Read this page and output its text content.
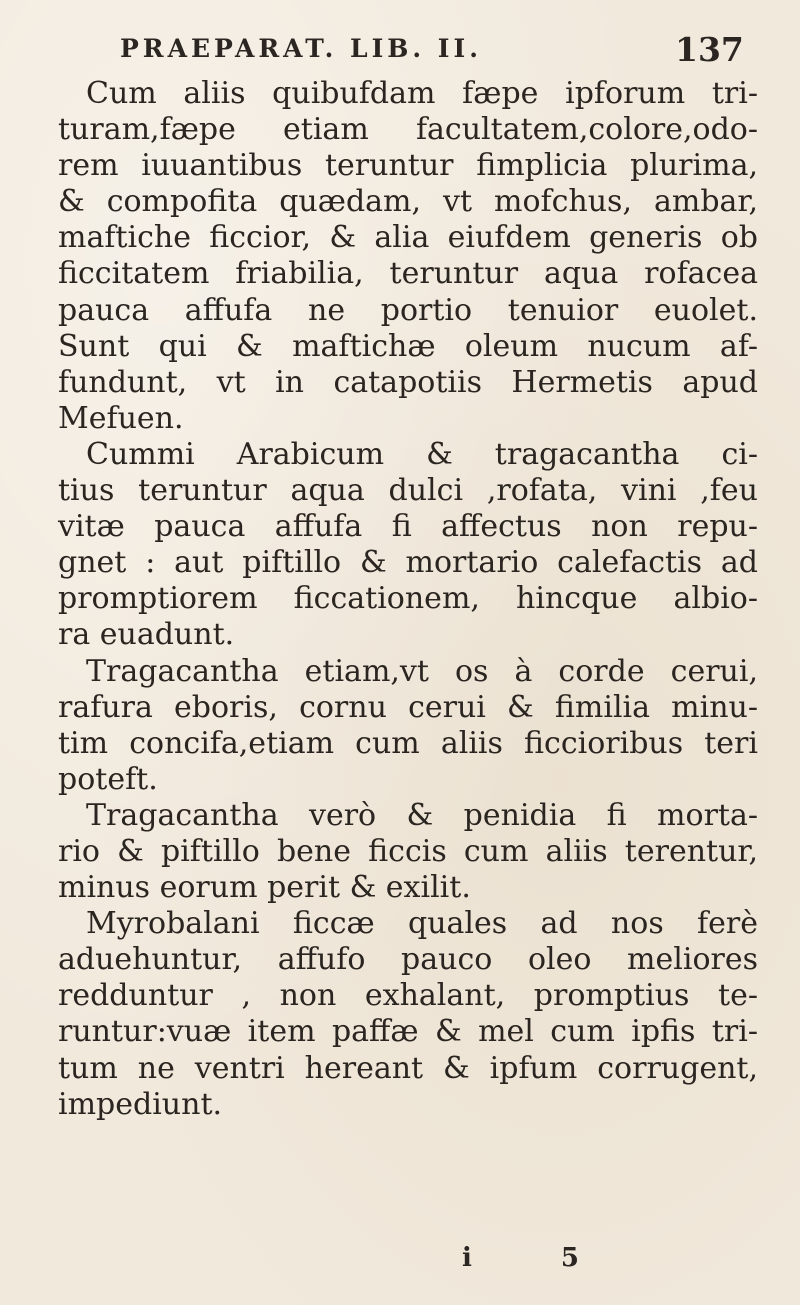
PRAEPARAT. LIB. II.	137
Cum aliis quibufdam fæpe ipforum tri-
turam,fæpe etiam facultatem,colore,odo-
rem iuuantibus teruntur fimplicia plurima,
& compofita quædam, vt mofchus, ambar,
maftiche ficcior, & alia eiufdem generis ob
ficcitatem friabilia, teruntur aqua rofacea
pauca affufa ne portio tenuior euolet.
Sunt qui & maftichæ oleum nucum af-
fundunt, vt in catapotiis Hermetis apud
Mefuen.
Cummi Arabicum & tragacantha ci-
tius teruntur aqua dulci ,rofata, vini ,feu
vitæ pauca affufa fi affectus non repu-
gnet : aut piftillo & mortario calefactis ad
promptiorem ficcationem, hincque albio-
ra euadunt.
Tragacantha etiam,vt os à corde cerui,
rafura eboris, cornu cerui & fimilia minu-
tim concifa,etiam cum aliis ficcioribus teri
poteft.
Tragacantha verò & penidia fi morta-
rio & piftillo bene ficcis cum aliis terentur,
minus eorum perit & exilit.
Myrobalani ficcæ quales ad nos ferè
aduehuntur, affufo pauco oleo meliores
redduntur , non exhalant, promptius te-
runtur:vuæ item paffæ & mel cum ipfis tri-
tum ne ventri hereant & ipfum corrugent,
impediunt.
i 5
